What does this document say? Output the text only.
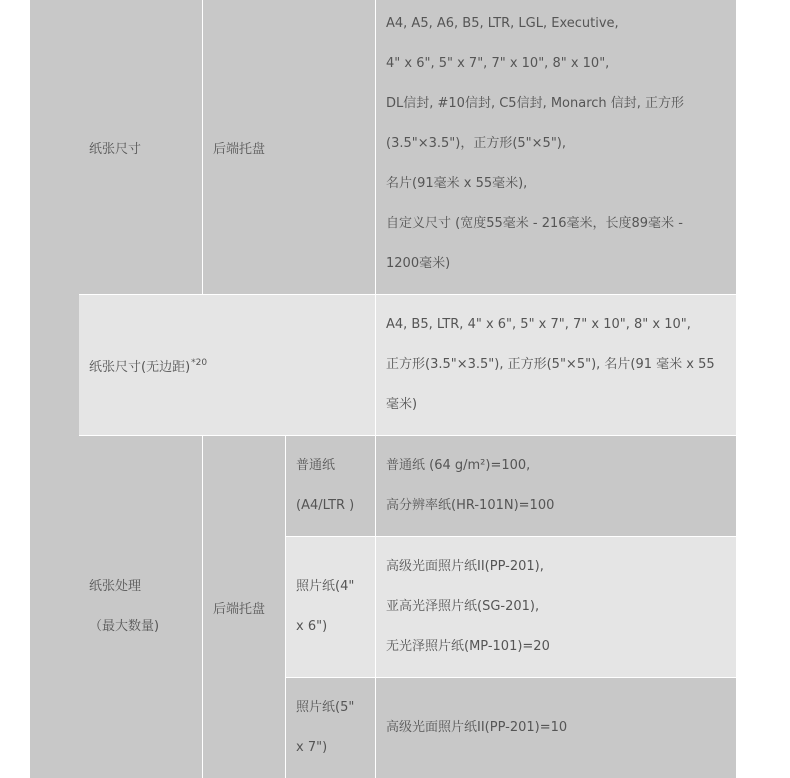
纸张尺寸	后端托盘
A4, A5, A6, B5, LTR, LGL, Executive,
4" x 6", 5" x 7", 7" x 10", 8" x 10",
DL信封, #10信封, C5信封, Monarch 信封, 正方形
(3.5"×3.5")，正方形(5"×5"),
名片(91毫米 x 55毫米),
自定义尺寸 (宽度55毫米 - 216毫米，长度89毫米 -
1200毫米)
纸张尺寸(无边距)$^{*20}$
A4, B5, LTR, 4" x 6", 5" x 7", 7" x 10", 8" x 10",
正方形(3.5"×3.5"), 正方形(5"×5"), 名片(91 毫米 x 55
毫米)
纸张处理
（最大数量)
后端托盘
普通纸
(A4/LTR )
普通纸 (64 g/m²)=100,
高分辨率纸(HR-101N)=100
照片纸(4"
x 6")
高级光面照片纸II(PP-201),
亚高光泽照片纸(SG-201),
无光泽照片纸(MP-101)=20
照片纸(5"
x 7")
高级光面照片纸II(PP-201)=10
